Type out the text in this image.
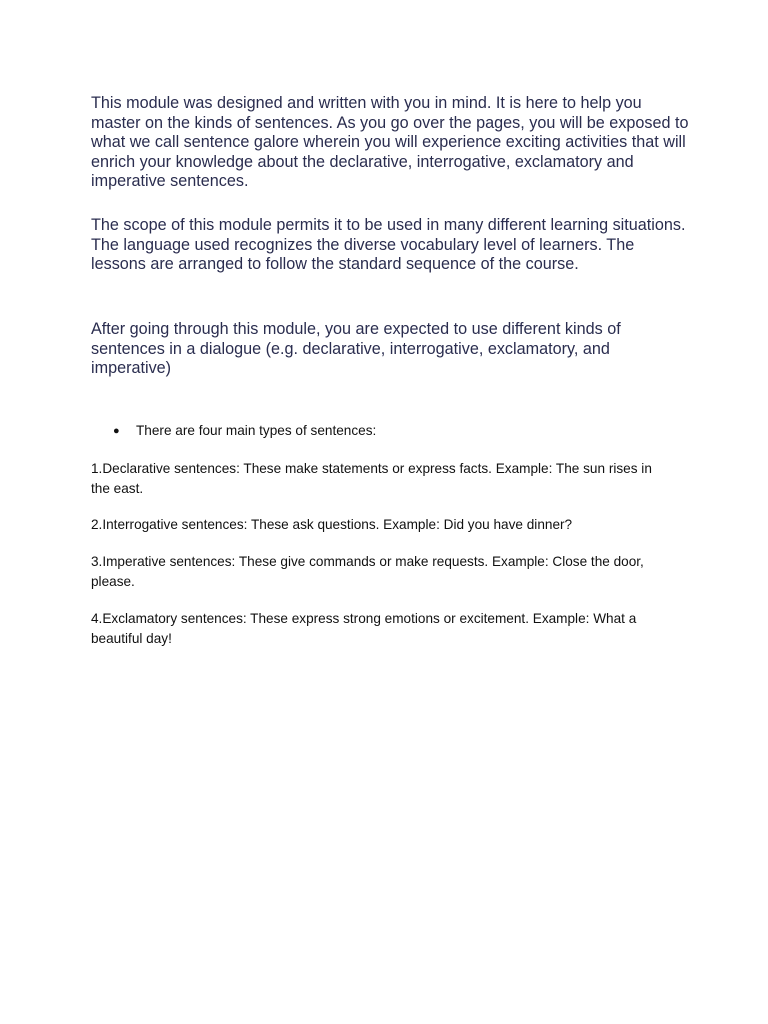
This module was designed and written with you in mind. It is here to help you master on the kinds of sentences. As you go over the pages, you will be exposed to what we call sentence galore wherein you will experience exciting activities that will enrich your knowledge about the declarative, interrogative, exclamatory and imperative sentences.

The scope of this module permits it to be used in many different learning situations. The language used recognizes the diverse vocabulary level of learners. The lessons are arranged to follow the standard sequence of the course.

After going through this module, you are expected to use different kinds of sentences in a dialogue (e.g. declarative, interrogative, exclamatory, and imperative)

● There are four main types of sentences:

1.Declarative sentences: These make statements or express facts. Example: The sun rises in the east.

2.Interrogative sentences: These ask questions. Example: Did you have dinner?

3.Imperative sentences: These give commands or make requests. Example: Close the door, please.

4.Exclamatory sentences: These express strong emotions or excitement. Example: What a beautiful day!
